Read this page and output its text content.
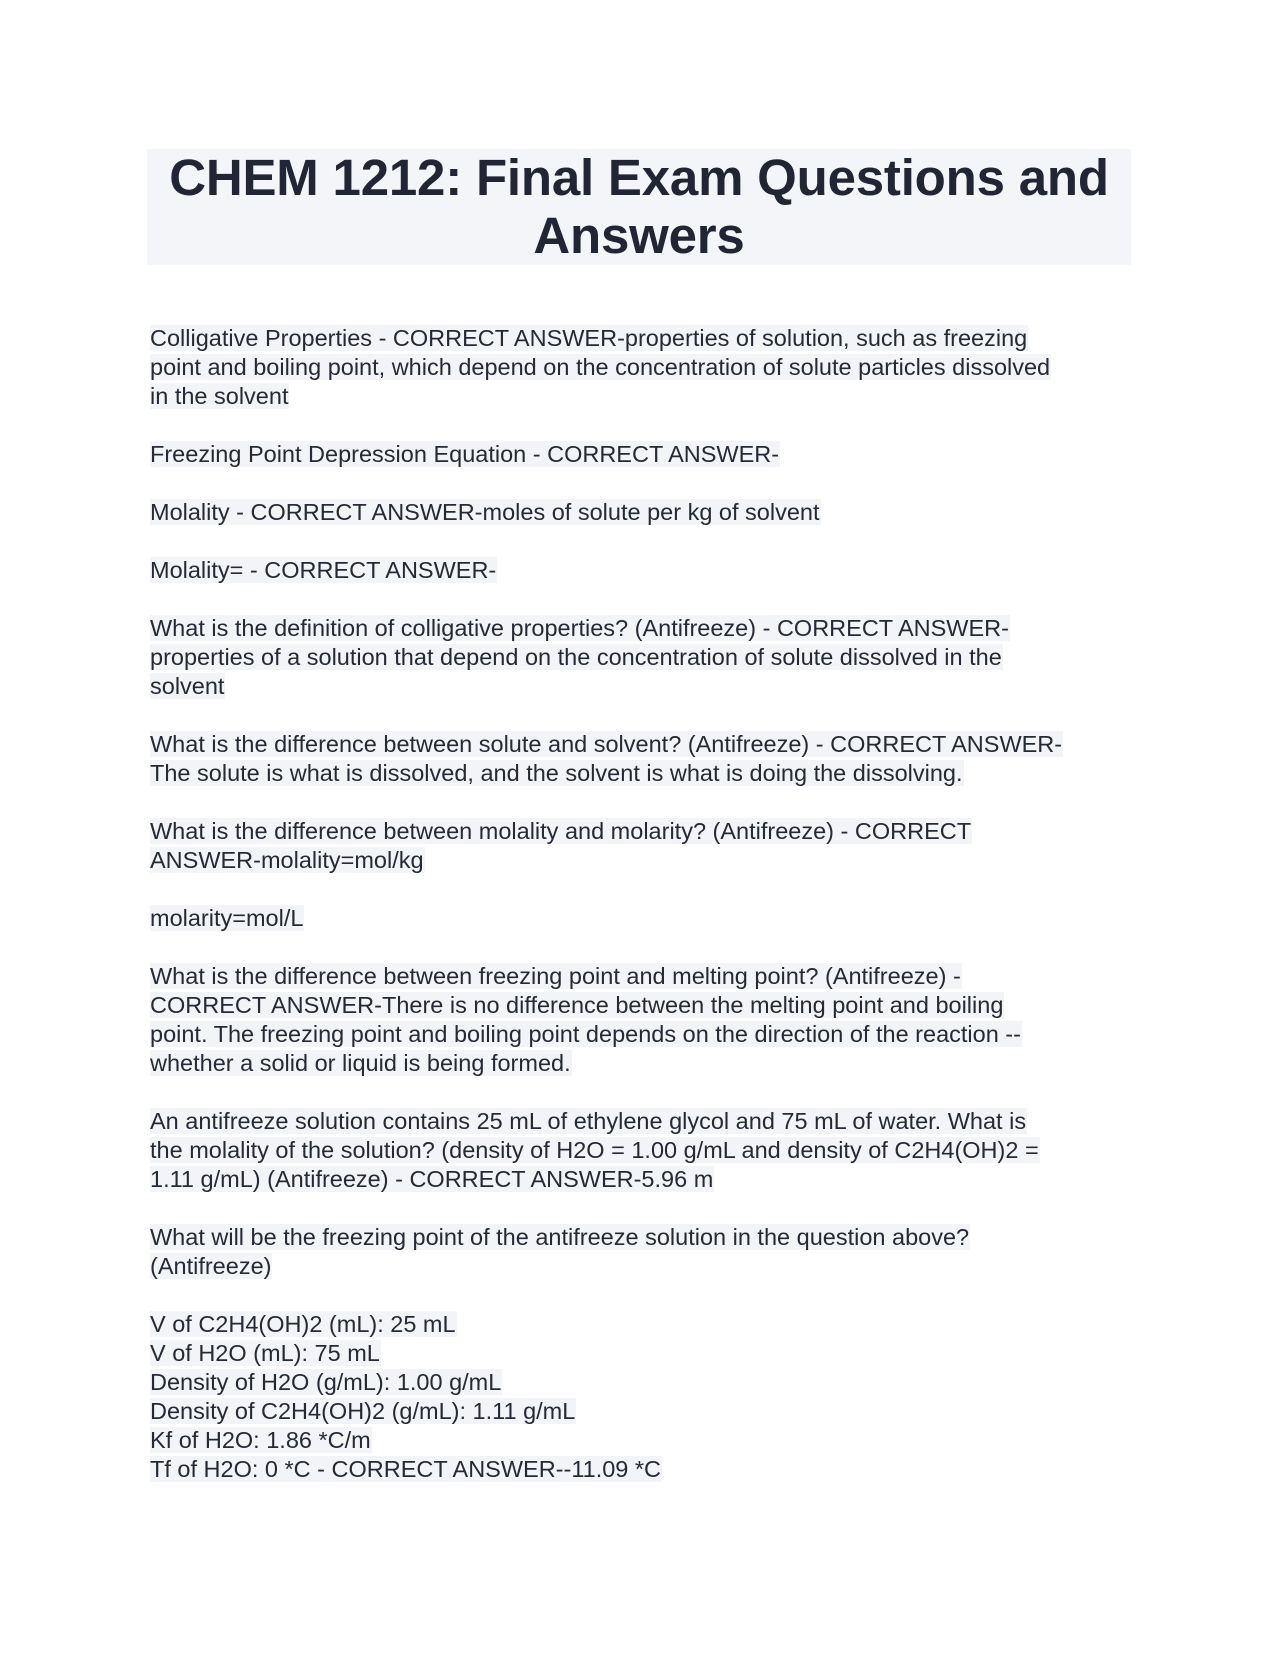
CHEM 1212: Final Exam Questions and
Answers
Colligative Properties - CORRECT ANSWER-properties of solution, such as freezing
point and boiling point, which depend on the concentration of solute particles dissolved
in the solvent
Freezing Point Depression Equation - CORRECT ANSWER-
Molality - CORRECT ANSWER-moles of solute per kg of solvent
Molality= - CORRECT ANSWER-
What is the definition of colligative properties? (Antifreeze) - CORRECT ANSWER-
properties of a solution that depend on the concentration of solute dissolved in the
solvent
What is the difference between solute and solvent? (Antifreeze) - CORRECT ANSWER-
The solute is what is dissolved, and the solvent is what is doing the dissolving.
What is the difference between molality and molarity? (Antifreeze) - CORRECT
ANSWER-molality=mol/kg
molarity=mol/L
What is the difference between freezing point and melting point? (Antifreeze) -
CORRECT ANSWER-There is no difference between the melting point and boiling
point. The freezing point and boiling point depends on the direction of the reaction --
whether a solid or liquid is being formed.
An antifreeze solution contains 25 mL of ethylene glycol and 75 mL of water. What is
the molality of the solution? (density of H2O = 1.00 g/mL and density of C2H4(OH)2 =
1.11 g/mL) (Antifreeze) - CORRECT ANSWER-5.96 m
What will be the freezing point of the antifreeze solution in the question above?
(Antifreeze)
V of C2H4(OH)2 (mL): 25 mL
V of H2O (mL): 75 mL
Density of H2O (g/mL): 1.00 g/mL
Density of C2H4(OH)2 (g/mL): 1.11 g/mL
Kf of H2O: 1.86 *C/m
Tf of H2O: 0 *C - CORRECT ANSWER--11.09 *C
